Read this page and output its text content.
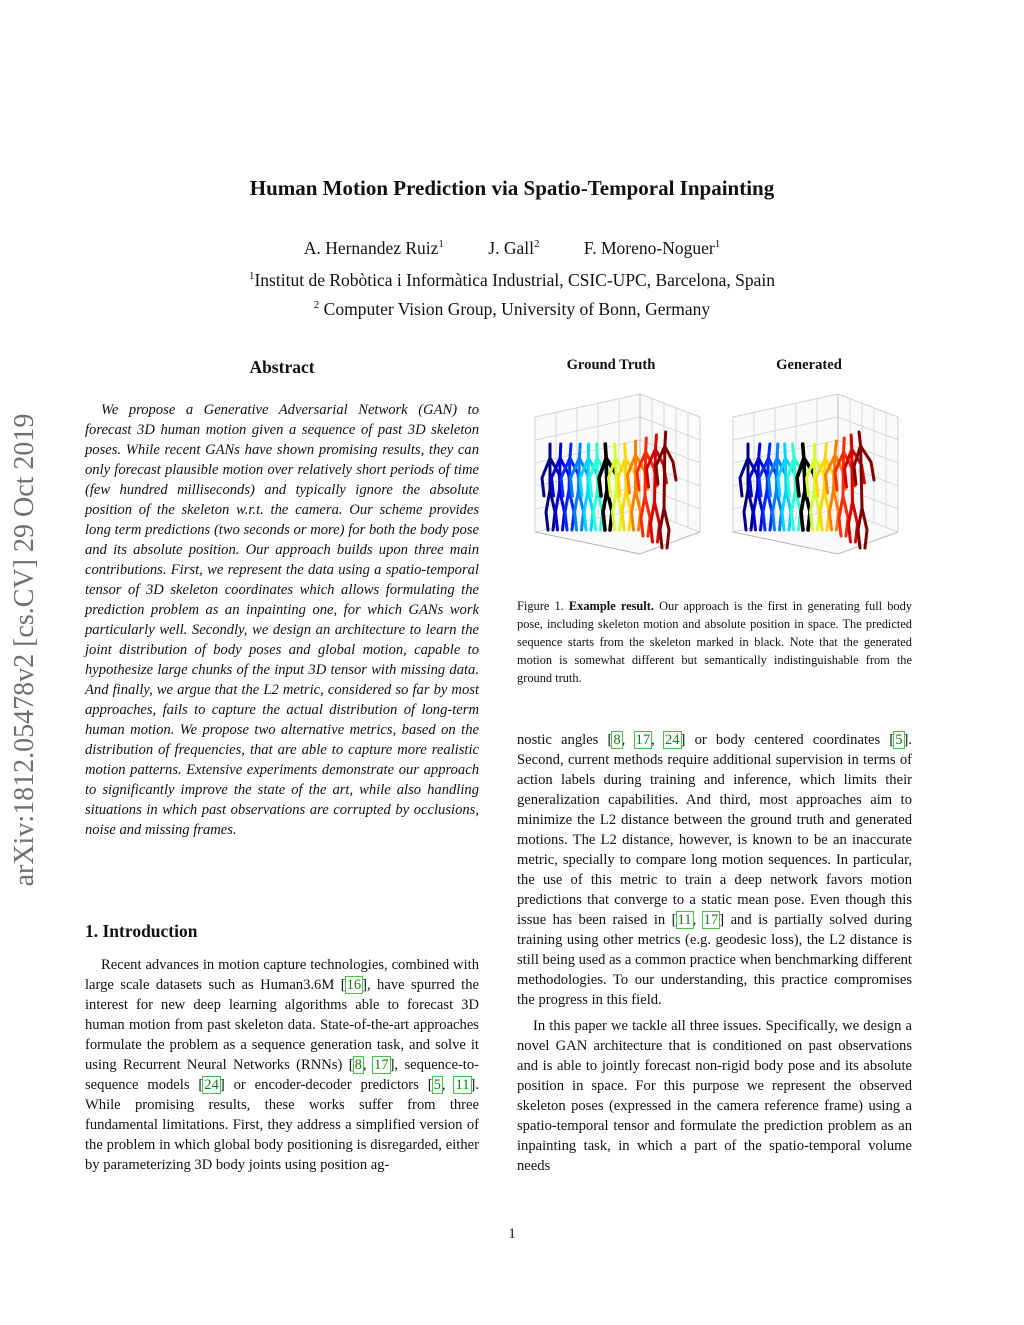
arXiv:1812.05478v2 [cs.CV] 29 Oct 2019
Human Motion Prediction via Spatio-Temporal Inpainting
A. Hernandez Ruiz$^1$	J. Gall$^2$	F. Moreno-Noguer$^1$
$^1$Institut de Robòtica i Informàtica Industrial, CSIC-UPC, Barcelona, Spain
$^2$ Computer Vision Group, University of Bonn, Germany
Abstract
We propose a Generative Adversarial Network (GAN) to forecast 3D human motion given a sequence of past 3D skeleton poses. While recent GANs have shown promising results, they can only forecast plausible motion over relatively short periods of time (few hundred milliseconds) and typically ignore the absolute position of the skeleton w.r.t. the camera. Our scheme provides long term predictions (two seconds or more) for both the body pose and its absolute position. Our approach builds upon three main contributions. First, we represent the data using a spatio-temporal tensor of 3D skeleton coordinates which allows formulating the prediction problem as an inpainting one, for which GANs work particularly well. Secondly, we design an architecture to learn the joint distribution of body poses and global motion, capable to hypothesize large chunks of the input 3D tensor with missing data. And finally, we argue that the L2 metric, considered so far by most approaches, fails to capture the actual distribution of long-term human motion. We propose two alternative metrics, based on the distribution of frequencies, that are able to capture more realistic motion patterns. Extensive experiments demonstrate our approach to significantly improve the state of the art, while also handling situations in which past observations are corrupted by occlusions, noise and missing frames.
1. Introduction

Recent advances in motion capture technologies, combined with large scale datasets such as Human3.6M [16], have spurred the interest for new deep learning algorithms able to forecast 3D human motion from past skeleton data. State-of-the-art approaches formulate the problem as a sequence generation task, and solve it using Recurrent Neural Networks (RNNs) [8, 17], sequence-to-sequence models [24] or encoder-decoder predictors [5, 11]. While promising results, these works suffer from three fundamental limitations. First, they address a simplified version of the problem in which global body positioning is disregarded, either by parameterizing 3D body joints using position ag-

Ground Truth	Generated
Figure 1. Example result. Our approach is the first in generating full body pose, including skeleton motion and absolute position in space. The predicted sequence starts from the skeleton marked in black. Note that the generated motion is somewhat different but semantically indistinguishable from the ground truth.

nostic angles [8, 17, 24] or body centered coordinates [5]. Second, current methods require additional supervision in terms of action labels during training and inference, which limits their generalization capabilities. And third, most approaches aim to minimize the L2 distance between the ground truth and generated motions. The L2 distance, however, is known to be an inaccurate metric, specially to compare long motion sequences. In particular, the use of this metric to train a deep network favors motion predictions that converge to a static mean pose. Even though this issue has been raised in [11, 17] and is partially solved during training using other metrics (e.g. geodesic loss), the L2 distance is still being used as a common practice when benchmarking different methodologies. To our understanding, this practice compromises the progress in this field.

In this paper we tackle all three issues. Specifically, we design a novel GAN architecture that is conditioned on past observations and is able to jointly forecast non-rigid body pose and its absolute position in space. For this purpose we represent the observed skeleton poses (expressed in the camera reference frame) using a spatio-temporal tensor and formulate the prediction problem as an inpainting task, in which a part of the spatio-temporal volume needs

1
